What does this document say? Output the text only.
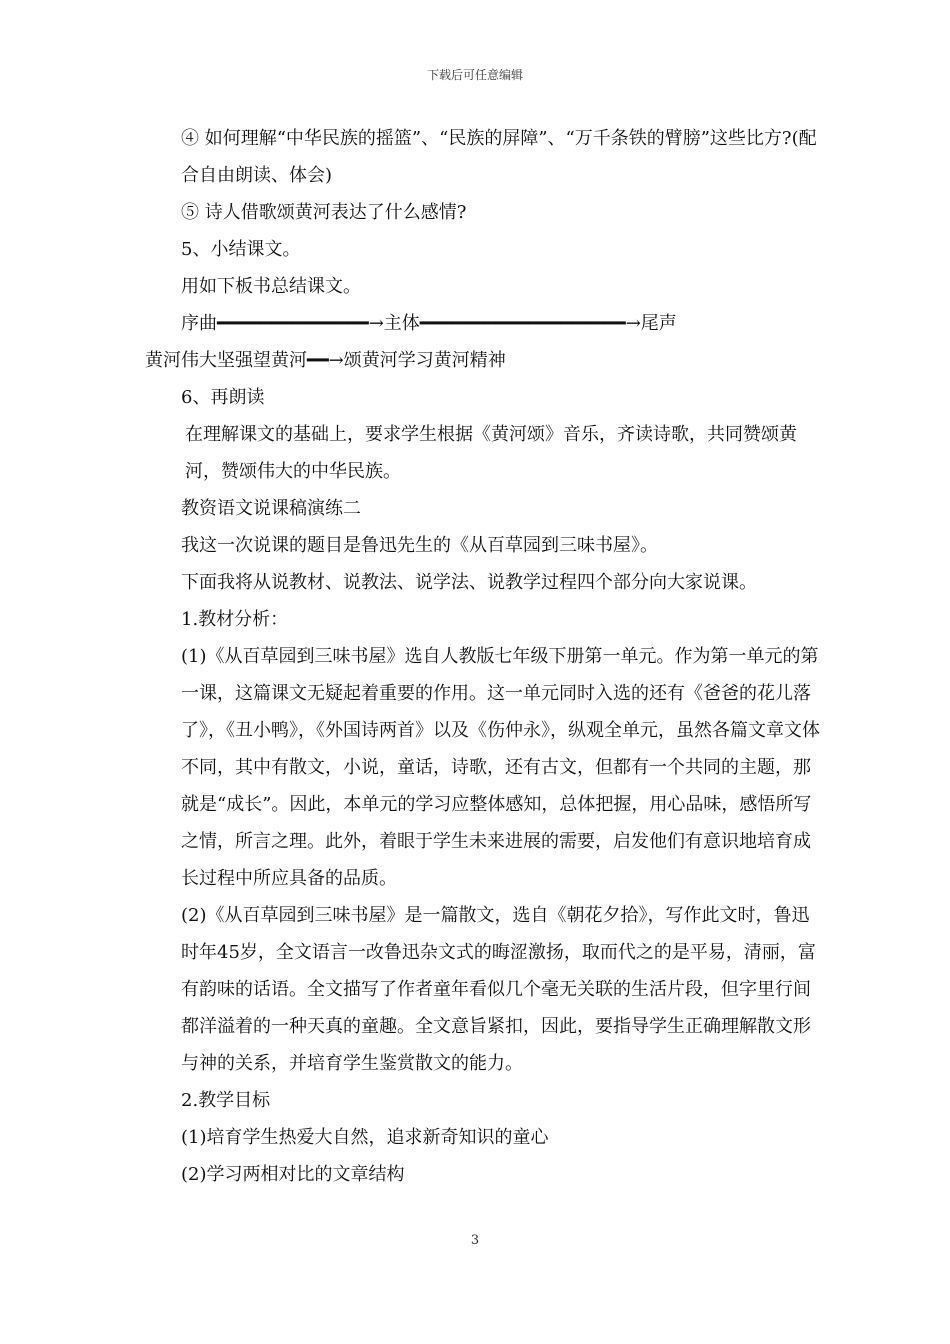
下载后可任意编辑

④ 如何理解“中华民族的摇篮”、“民族的屏障”、“万千条铁的臂膀”这些比方?(配合自由朗读、体会)

⑤ 诗人借歌颂黄河表达了什么感情?

5、小结课文。

用如下板书总结课文。

序曲━━━━━━━━━━━━━━→主体━━━━━━━━━━━━━━━━━━━→尾声

黄河伟大坚强望黄河━━→颂黄河学习黄河精神

6、再朗读

在理解课文的基础上，要求学生根据《黄河颂》音乐，齐读诗歌，共同赞颂黄河，赞颂伟大的中华民族。

教资语文说课稿演练二

我这一次说课的题目是鲁迅先生的《从百草园到三味书屋》。

下面我将从说教材、说教法、说学法、说教学过程四个部分向大家说课。

1.教材分析：

(1)《从百草园到三味书屋》选自人教版七年级下册第一单元。作为第一单元的第一课，这篇课文无疑起着重要的作用。这一单元同时入选的还有《爸爸的花儿落了》，《丑小鸭》，《外国诗两首》以及《伤仲永》，纵观全单元，虽然各篇文章文体不同，其中有散文，小说，童话，诗歌，还有古文，但都有一个共同的主题，那就是“成长”。因此，本单元的学习应整体感知，总体把握，用心品味，感悟所写之情，所言之理。此外，着眼于学生未来进展的需要，启发他们有意识地培育成长过程中所应具备的品质。

(2)《从百草园到三味书屋》是一篇散文，选自《朝花夕拾》，写作此文时，鲁迅时年45岁，全文语言一改鲁迅杂文式的晦涩激扬，取而代之的是平易，清丽，富有韵味的话语。全文描写了作者童年看似几个毫无关联的生活片段，但字里行间都洋溢着的一种天真的童趣。全文意旨紧扣，因此，要指导学生正确理解散文形与神的关系，并培育学生鉴赏散文的能力。

2.教学目标

(1)培育学生热爱大自然，追求新奇知识的童心

(2)学习两相对比的文章结构

3
